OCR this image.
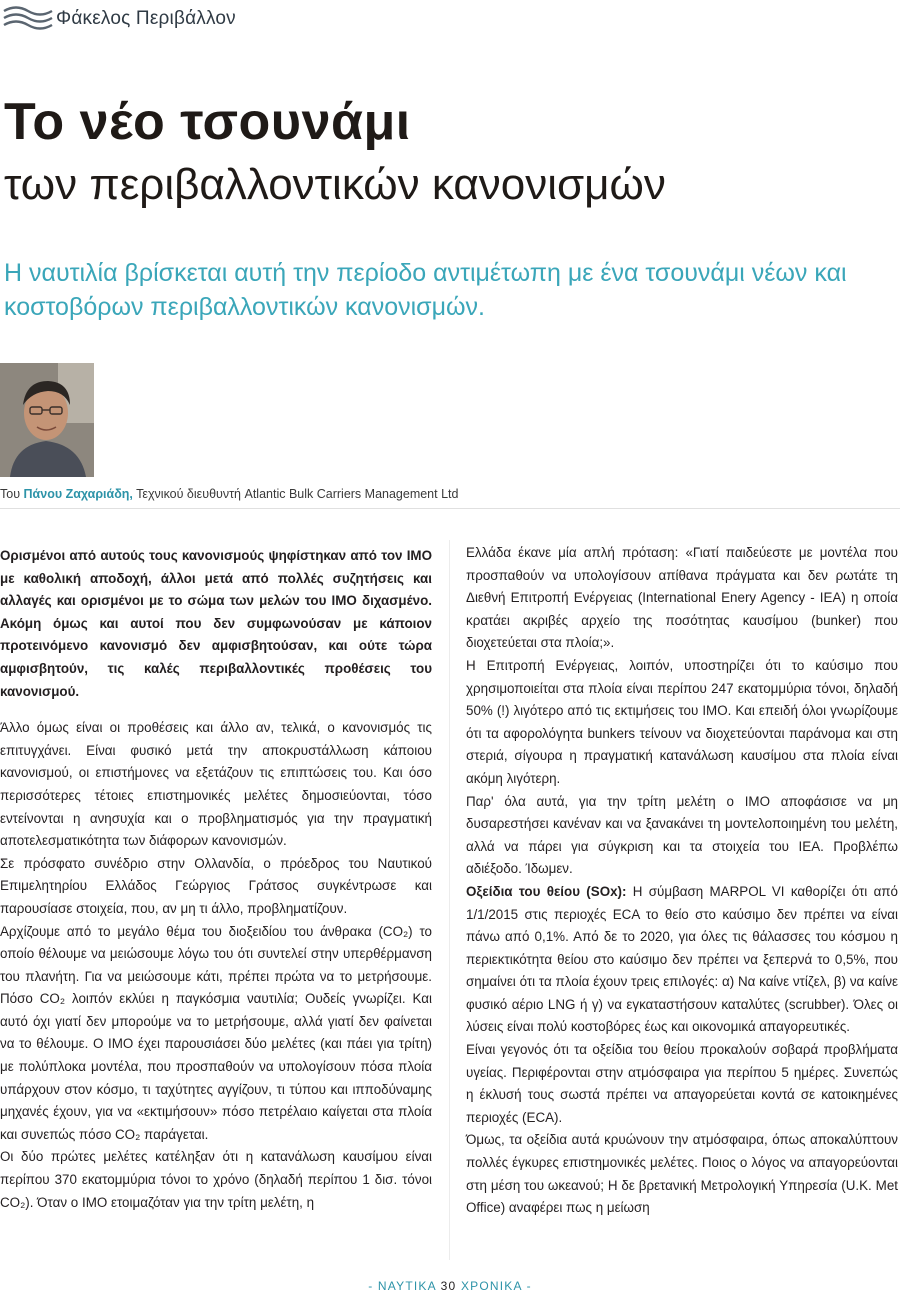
Φάκελος Περιβάλλον
Το νέο τσουνάμι
των περιβαλλοντικών κανονισμών
Η ναυτιλία βρίσκεται αυτή την περίοδο αντιμέτωπη με ένα τσουνάμι νέων και κοστοβόρων περιβαλλοντικών κανονισμών.
Του Πάνου Ζαχαριάδη, Τεχνικού διευθυντή Atlantic Bulk Carriers Management Ltd

Ορισμένοι από αυτούς τους κανονισμούς ψηφίστηκαν από τον ΙΜΟ με καθολική αποδοχή, άλλοι μετά από πολλές συζητήσεις και αλλαγές και ορισμένοι με το σώμα των μελών του ΙΜΟ διχασμένο. Ακόμη όμως και αυτοί που δεν συμφωνούσαν με κάποιον προτεινόμενο κανονισμό δεν αμφισβητούσαν, και ούτε τώρα αμφισβητούν, τις καλές περιβαλλοντικές προθέσεις του κανονισμού.

Άλλο όμως είναι οι προθέσεις και άλλο αν, τελικά, ο κανονισμός τις επιτυγχάνει. Είναι φυσικό μετά την αποκρυστάλλωση κάποιου κανονισμού, οι επιστήμονες να εξετάζουν τις επιπτώσεις του. Και όσο περισσότερες τέτοιες επιστημονικές μελέτες δημοσιεύονται, τόσο εντείνονται η ανησυχία και ο προβληματισμός για την πραγματική αποτελεσματικότητα των διάφορων κανονισμών.

Σε πρόσφατο συνέδριο στην Ολλανδία, ο πρόεδρος του Ναυτικού Επιμελητηρίου Ελλάδος Γεώργιος Γράτσος συγκέντρωσε και παρουσίασε στοιχεία, που, αν μη τι άλλο, προβληματίζουν.

Αρχίζουμε από το μεγάλο θέμα του διοξειδίου του άνθρακα (CO₂) το οποίο θέλουμε να μειώσουμε λόγω του ότι συντελεί στην υπερθέρμανση του πλανήτη. Για να μειώσουμε κάτι, πρέπει πρώτα να το μετρήσουμε. Πόσο CO₂ λοιπόν εκλύει η παγκόσμια ναυτιλία; Ουδείς γνωρίζει. Και αυτό όχι γιατί δεν μπορούμε να το μετρήσουμε, αλλά γιατί δεν φαίνεται να το θέλουμε. Ο ΙΜΟ έχει παρουσιάσει δύο μελέτες (και πάει για τρίτη) με πολύπλοκα μοντέλα, που προσπαθούν να υπολογίσουν πόσα πλοία υπάρχουν στον κόσμο, τι ταχύτητες αγγίζουν, τι τύπου και ιπποδύναμης μηχανές έχουν, για να «εκτιμήσουν» πόσο πετρέλαιο καίγεται στα πλοία και συνεπώς πόσο CO₂ παράγεται.

Οι δύο πρώτες μελέτες κατέληξαν ότι η κατανάλωση καυσίμου είναι περίπου 370 εκατομμύρια τόνοι το χρόνο (δηλαδή περίπου 1 δισ. τόνοι CO₂). Όταν ο ΙΜΟ ετοιμαζόταν για την τρίτη μελέτη, η

Ελλάδα έκανε μία απλή πρόταση: «Γιατί παιδεύεστε με μοντέλα που προσπαθούν να υπολογίσουν απίθανα πράγματα και δεν ρωτάτε τη Διεθνή Επιτροπή Ενέργειας (International Enery Agency - IEA) η οποία κρατάει ακριβές αρχείο της ποσότητας καυσίμου (bunker) που διοχετεύεται στα πλοία;».

Η Επιτροπή Ενέργειας, λοιπόν, υποστηρίζει ότι το καύσιμο που χρησιμοποιείται στα πλοία είναι περίπου 247 εκατομμύρια τόνοι, δηλαδή 50% (!) λιγότερο από τις εκτιμήσεις του ΙΜΟ. Και επειδή όλοι γνωρίζουμε ότι τα αφορολόγητα bunkers τείνουν να διοχετεύονται παράνομα και στη στεριά, σίγουρα η πραγματική κατανάλωση καυσίμου στα πλοία είναι ακόμη λιγότερη.

Παρ' όλα αυτά, για την τρίτη μελέτη ο ΙΜΟ αποφάσισε να μη δυσαρεστήσει κανέναν και να ξανακάνει τη μοντελοποιημένη του μελέτη, αλλά να πάρει για σύγκριση και τα στοιχεία του IEA. Προβλέπω αδιέξοδο. Ίδωμεν.

Οξείδια του θείου (SOx): Η σύμβαση MARPOL VI καθορίζει ότι από 1/1/2015 στις περιοχές ECA το θείο στο καύσιμο δεν πρέπει να είναι πάνω από 0,1%. Από δε το 2020, για όλες τις θάλασσες του κόσμου η περιεκτικότητα θείου στο καύσιμο δεν πρέπει να ξεπερνά το 0,5%, που σημαίνει ότι τα πλοία έχουν τρεις επιλογές: α) Να καίνε ντίζελ, β) να καίνε φυσικό αέριο LNG ή γ) να εγκαταστήσουν καταλύτες (scrubber). Όλες οι λύσεις είναι πολύ κοστοβόρες έως και οικονομικά απαγορευτικές.

Είναι γεγονός ότι τα οξείδια του θείου προκαλούν σοβαρά προβλήματα υγείας. Περιφέρονται στην ατμόσφαιρα για περίπου 5 ημέρες. Συνεπώς η έκλυσή τους σωστά πρέπει να απαγορεύεται κοντά σε κατοικημένες περιοχές (ECA).

Όμως, τα οξείδια αυτά κρυώνουν την ατμόσφαιρα, όπως αποκαλύπτουν πολλές έγκυρες επιστημονικές μελέτες. Ποιος ο λόγος να απαγορεύονται στη μέση του ωκεανού; Η δε βρετανική Μετρολογική Υπηρεσία (U.K. Met Office) αναφέρει πως η μείωση

- ΝΑΥΤΙΚΑ 30 ΧΡΟΝΙΚΑ -
